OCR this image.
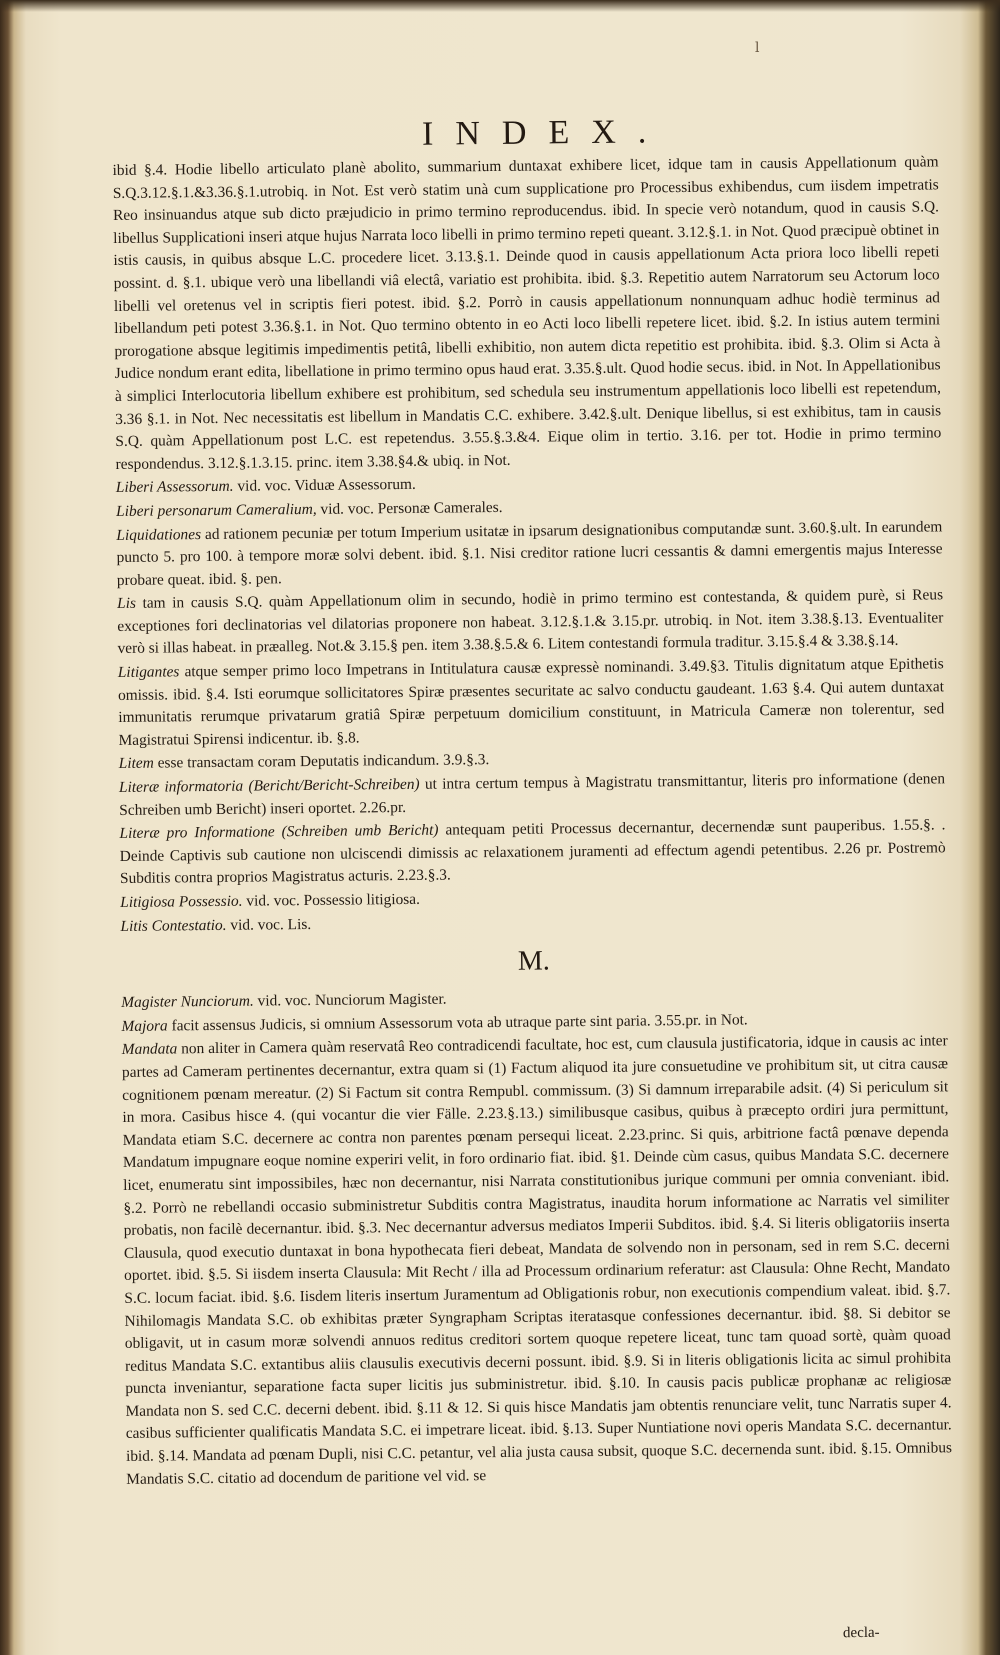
l
INDEX.

ibid §.4. Hodie libello articulato planè abolito, summarium duntaxat exhibere licet, idque tam in causis Appellationum quàm S.Q.3.12.§.1.&3.36.§.1.utrobiq. in Not. Est verò statim unà cum supplicatione pro Processibus exhibendus, cum iisdem impetratis Reo insinuandus atque sub dicto præjudicio in primo termino reproducendus. ibid. In specie verò notandum, quod in causis S.Q. libellus Supplicationi inseri atque hujus Narrata loco libelli in primo termino repeti queant. 3.12.§.1. in Not. Quod præcipuè obtinet in istis causis, in quibus absque L.C. procedere licet. 3.13.§.1. Deinde quod in causis appellationum Acta priora loco libelli repeti possint. d. §.1. ubique verò una libellandi viâ electâ, variatio est prohibita. ibid. §.3. Repetitio autem Narratorum seu Actorum loco libelli vel oretenus vel in scriptis fieri potest. ibid. §.2. Porrò in causis appellationum nonnunquam adhuc hodiè terminus ad libellandum peti potest 3.36.§.1. in Not. Quo termino obtento in eo Acti loco libelli repetere licet. ibid. §.2. In istius autem termini prorogatione absque legitimis impedimentis petitâ, libelli exhibitio, non autem dicta repetitio est prohibita. ibid. §.3. Olim si Acta à Judice nondum erant edita, libellatione in primo termino opus haud erat. 3.35.§.ult. Quod hodie secus. ibid. in Not. In Appellationibus à simplici Interlocutoria libellum exhibere est prohibitum, sed schedula seu instrumentum appellationis loco libelli est repetendum, 3.36 §.1. in Not. Nec necessitatis est libellum in Mandatis C.C. exhibere. 3.42.§.ult. Denique libellus, si est exhibitus, tam in causis S.Q. quàm Appellationum post L.C. est repetendus. 3.55.§.3.&4. Eique olim in tertio. 3.16. per tot. Hodie in primo termino respondendus. 3.12.§.1.3.15. princ. item 3.38.§4.& ubiq. in Not.

Liberi Assessorum. vid. voc. Viduæ Assessorum.

Liberi personarum Cameralium, vid. voc. Personæ Camerales.

Liquidationes ad rationem pecuniæ per totum Imperium usitatæ in ipsarum designationibus computandæ sunt. 3.60.§.ult. In earundem puncto 5. pro 100. à tempore moræ solvi debent. ibid. §.1. Nisi creditor ratione lucri cessantis & damni emergentis majus Interesse probare queat. ibid. §. pen.

Lis tam in causis S.Q. quàm Appellationum olim in secundo, hodiè in primo termino est contestanda, & quidem purè, si Reus exceptiones fori declinatorias vel dilatorias proponere non habeat. 3.12.§.1.& 3.15.pr. utrobiq. in Not. item 3.38.§.13. Eventualiter verò si illas habeat. in præalleg. Not.& 3.15.§ pen. item 3.38.§.5.& 6. Litem contestandi formula traditur. 3.15.§.4 & 3.38.§.14.

Litigantes atque semper primo loco Impetrans in Intitulatura causæ expressè nominandi. 3.49.§3. Titulis dignitatum atque Epithetis omissis. ibid. §.4. Isti eorumque sollicitatores Spiræ præsentes securitate ac salvo conductu gaudeant. 1.63 §.4. Qui autem duntaxat immunitatis rerumque privatarum gratiâ Spiræ perpetuum domicilium constituunt, in Matricula Cameræ non tolerentur, sed Magistratui Spirensi indicentur. ib. §.8.

Litem esse transactam coram Deputatis indicandum. 3.9.§.3.

Literæ informatoria (Bericht/Bericht-Schreiben) ut intra certum tempus à Magistratu transmittantur, literis pro informatione (denen Schreiben umb Bericht) inseri oportet. 2.26.pr.

Literæ pro Informatione (Schreiben umb Bericht) antequam petiti Processus decernantur, decernendæ sunt pauperibus. 1.55.§. . Deinde Captivis sub cautione non ulciscendi dimissis ac relaxationem juramenti ad effectum agendi petentibus. 2.26 pr. Postremò Subditis contra proprios Magistratus acturis. 2.23.§.3.

Litigiosa Possessio. vid. voc. Possessio litigiosa.

Litis Contestatio. vid. voc. Lis.

M.

Magister Nunciorum. vid. voc. Nunciorum Magister.

Majora facit assensus Judicis, si omnium Assessorum vota ab utraque parte sint paria. 3.55.pr. in Not.

Mandata non aliter in Camera quàm reservatâ Reo contradicendi facultate, hoc est, cum clausula justificatoria, idque in causis ac inter partes ad Cameram pertinentes decernantur, extra quam si (1) Factum aliquod ita jure consuetudine ve prohibitum sit, ut citra causæ cognitionem pœnam mereatur. (2) Si Factum sit contra Rempubl. commissum. (3) Si damnum irreparabile adsit. (4) Si periculum sit in mora. Casibus hisce 4. (qui vocantur die vier Fälle. 2.23.§.13.) similibusque casibus, quibus à præcepto ordiri jura permittunt, Mandata etiam S.C. decernere ac contra non parentes pœnam persequi liceat. 2.23.princ. Si quis, arbitrione factâ pœnave dependa Mandatum impugnare eoque nomine experiri velit, in foro ordinario fiat. ibid. §1. Deinde cùm casus, quibus Mandata S.C. decernere licet, enumeratu sint impossibiles, hæc non decernantur, nisi Narrata constitutionibus jurique communi per omnia conveniant. ibid. §.2. Porrò ne rebellandi occasio subministretur Subditis contra Magistratus, inaudita horum informatione ac Narratis vel similiter probatis, non facilè decernantur. ibid. §.3. Nec decernantur adversus mediatos Imperii Subditos. ibid. §.4. Si literis obligatoriis inserta Clausula, quod executio duntaxat in bona hypothecata fieri debeat, Mandata de solvendo non in personam, sed in rem S.C. decerni oportet. ibid. §.5. Si iisdem inserta Clausula: Mit Recht / illa ad Processum ordinarium referatur: ast Clausula: Ohne Recht, Mandato S.C. locum faciat. ibid. §.6. Iisdem literis insertum Juramentum ad Obligationis robur, non executionis compendium valeat. ibid. §.7. Nihilomagis Mandata S.C. ob exhibitas præter Syngrapham Scriptas iteratasque confessiones decernantur. ibid. §8. Si debitor se obligavit, ut in casum moræ solvendi annuos reditus creditori sortem quoque repetere liceat, tunc tam quoad sortè, quàm quoad reditus Mandata S.C. extantibus aliis clausulis executivis decerni possunt. ibid. §.9. Si in literis obligationis licita ac simul prohibita puncta inveniantur, separatione facta super licitis jus subministretur. ibid. §.10. In causis pacis publicæ prophanæ ac religiosæ Mandata non S. sed C.C. decerni debent. ibid. §.11 & 12. Si quis hisce Mandatis jam obtentis renunciare velit, tunc Narratis super 4. casibus sufficienter qualificatis Mandata S.C. ei impetrare liceat. ibid. §.13. Super Nuntiatione novi operis Mandata S.C. decernantur. ibid. §.14. Mandata ad pœnam Dupli, nisi C.C. petantur, vel alia justa causa subsit, quoque S.C. decernenda sunt. ibid. §.15. Omnibus Mandatis S.C. citatio ad docendum de paritione vel vid. se

decla-
